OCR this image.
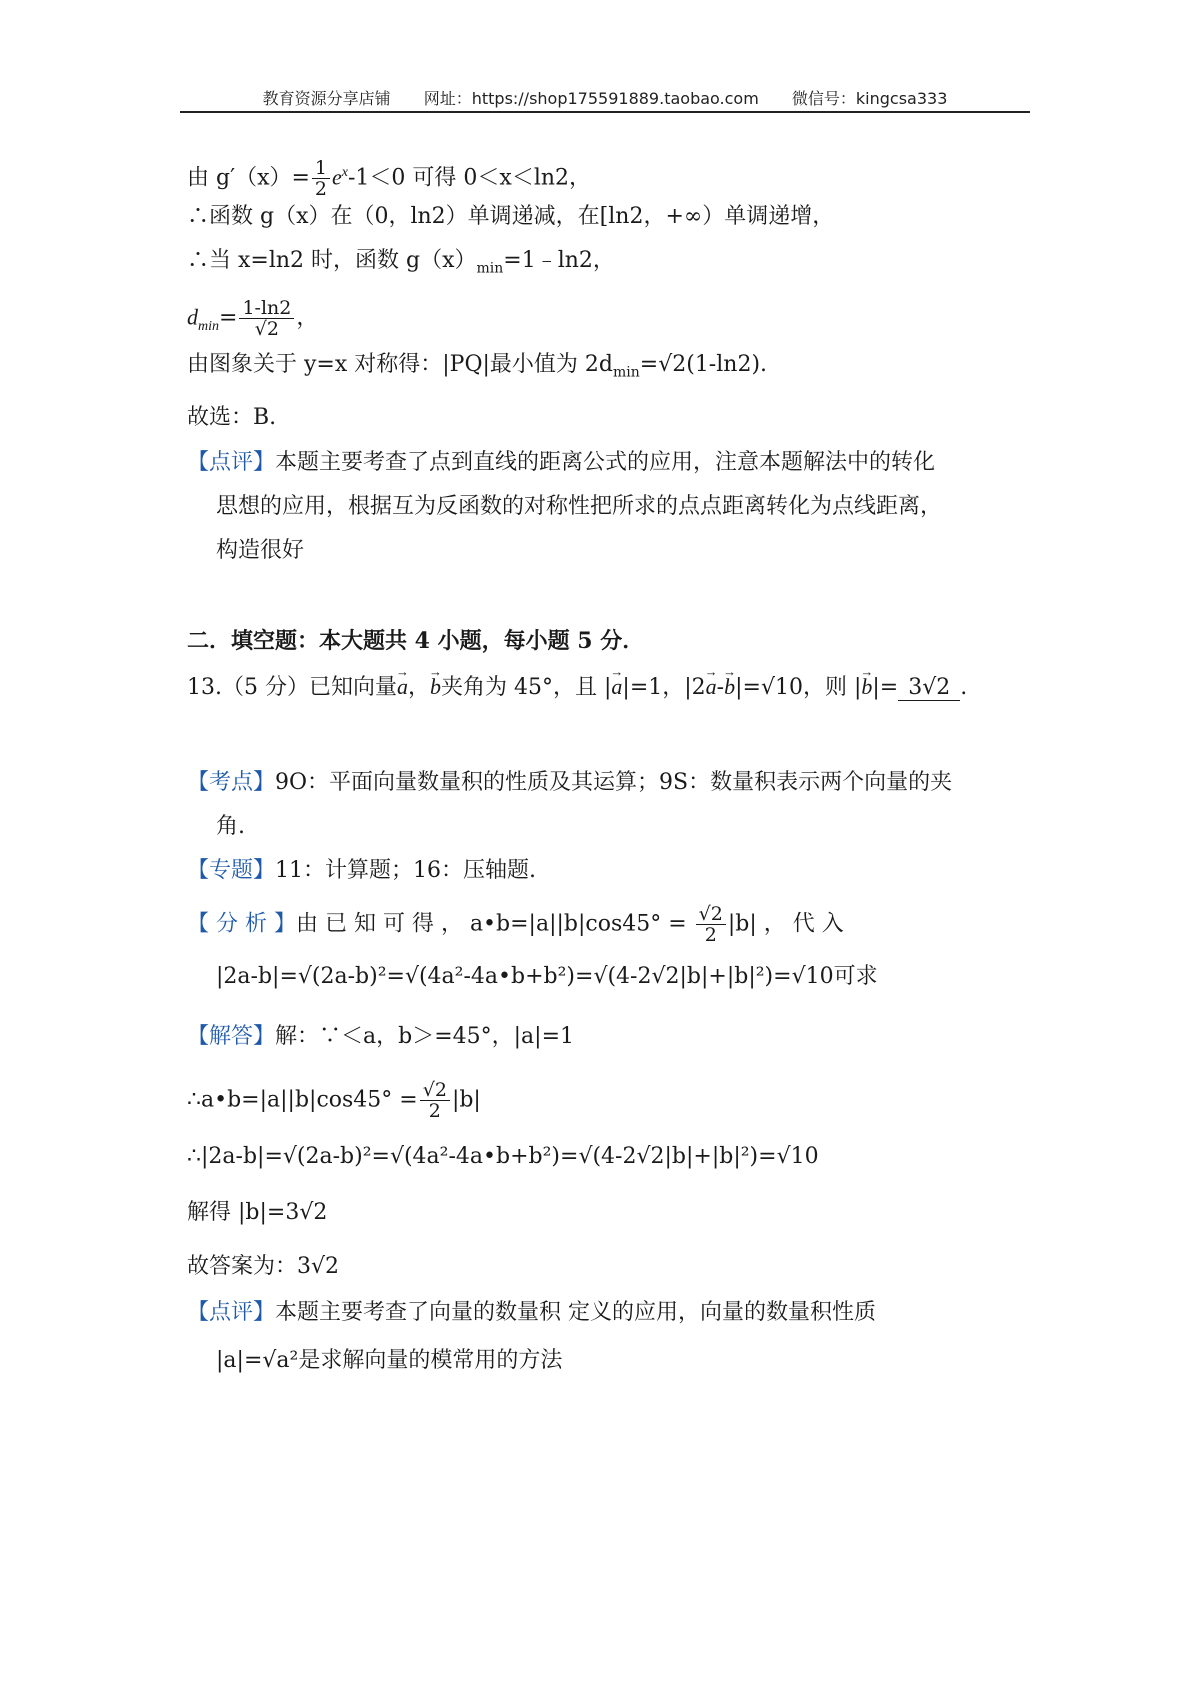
教育资源分享店铺 网址：https://shop175591889.taobao.com 微信号：kingcsa333
由 $g'(x)= \frac{1}{2} e^x-1<0$ 可得 0＜x＜ln2，
∴函数 g（x）在（0，ln2）单调递减，在[ln2，+∞）单调递增，
∴当 x=ln2 时，函数 $g(x)_{min}=1﹣\ln 2$，
$d_{min}= \frac{1-\ln 2}{√2}$ ，
由图象关于 y=x 对称得：|PQ|最小值为 $2d_{min}=√2(1-\ln 2)$.
故选：B.
【点评】本题主要考查了点到直线的距离公式的应用，注意本题解法中的转化
思想的应用，根据互为反函数的对称性把所求的点点距离转化为点线距离，
构造很好
二．填空题：本大题共 4 小题，每小题 5 分．
13.（5 分）已知向量→ a，→ b夹角为 45°，且 |→ a|=1，|2→ a-→ b|=√10，则 |→ b|= 3√2 .
【考点】9O：平面向量数量积的性质及其运算；9S：数量积表示两个向量的夹
角.
【专题】11：计算题；16：压轴题.
【 分 析 】由 已 知 可 得 ， a•b=|a||b|cos45° = $\frac{√2}{2} |b|$ ， 代 入
|2a-b|=√(2a-b)²=√(4a²-4a•b+b²)=√(4-2√2|b|+|b|²)=√10可求
【解答】解：∵＜a，b＞=45°，|a|=1
∴a•b=|a||b|cos45° = $\frac{√2}{2} |b|$
∴|2a-b|=√(2a-b)²=√(4a²-4a•b+b²)=√(4-2√2|b|+|b|²)=√10
解得 |b|=3√2
故答案为：3√2
【点评】本题主要考查了向量的数量积 定义的应用，向量的数量积性质
|a|=√a²是求解向量的模常用的方法
